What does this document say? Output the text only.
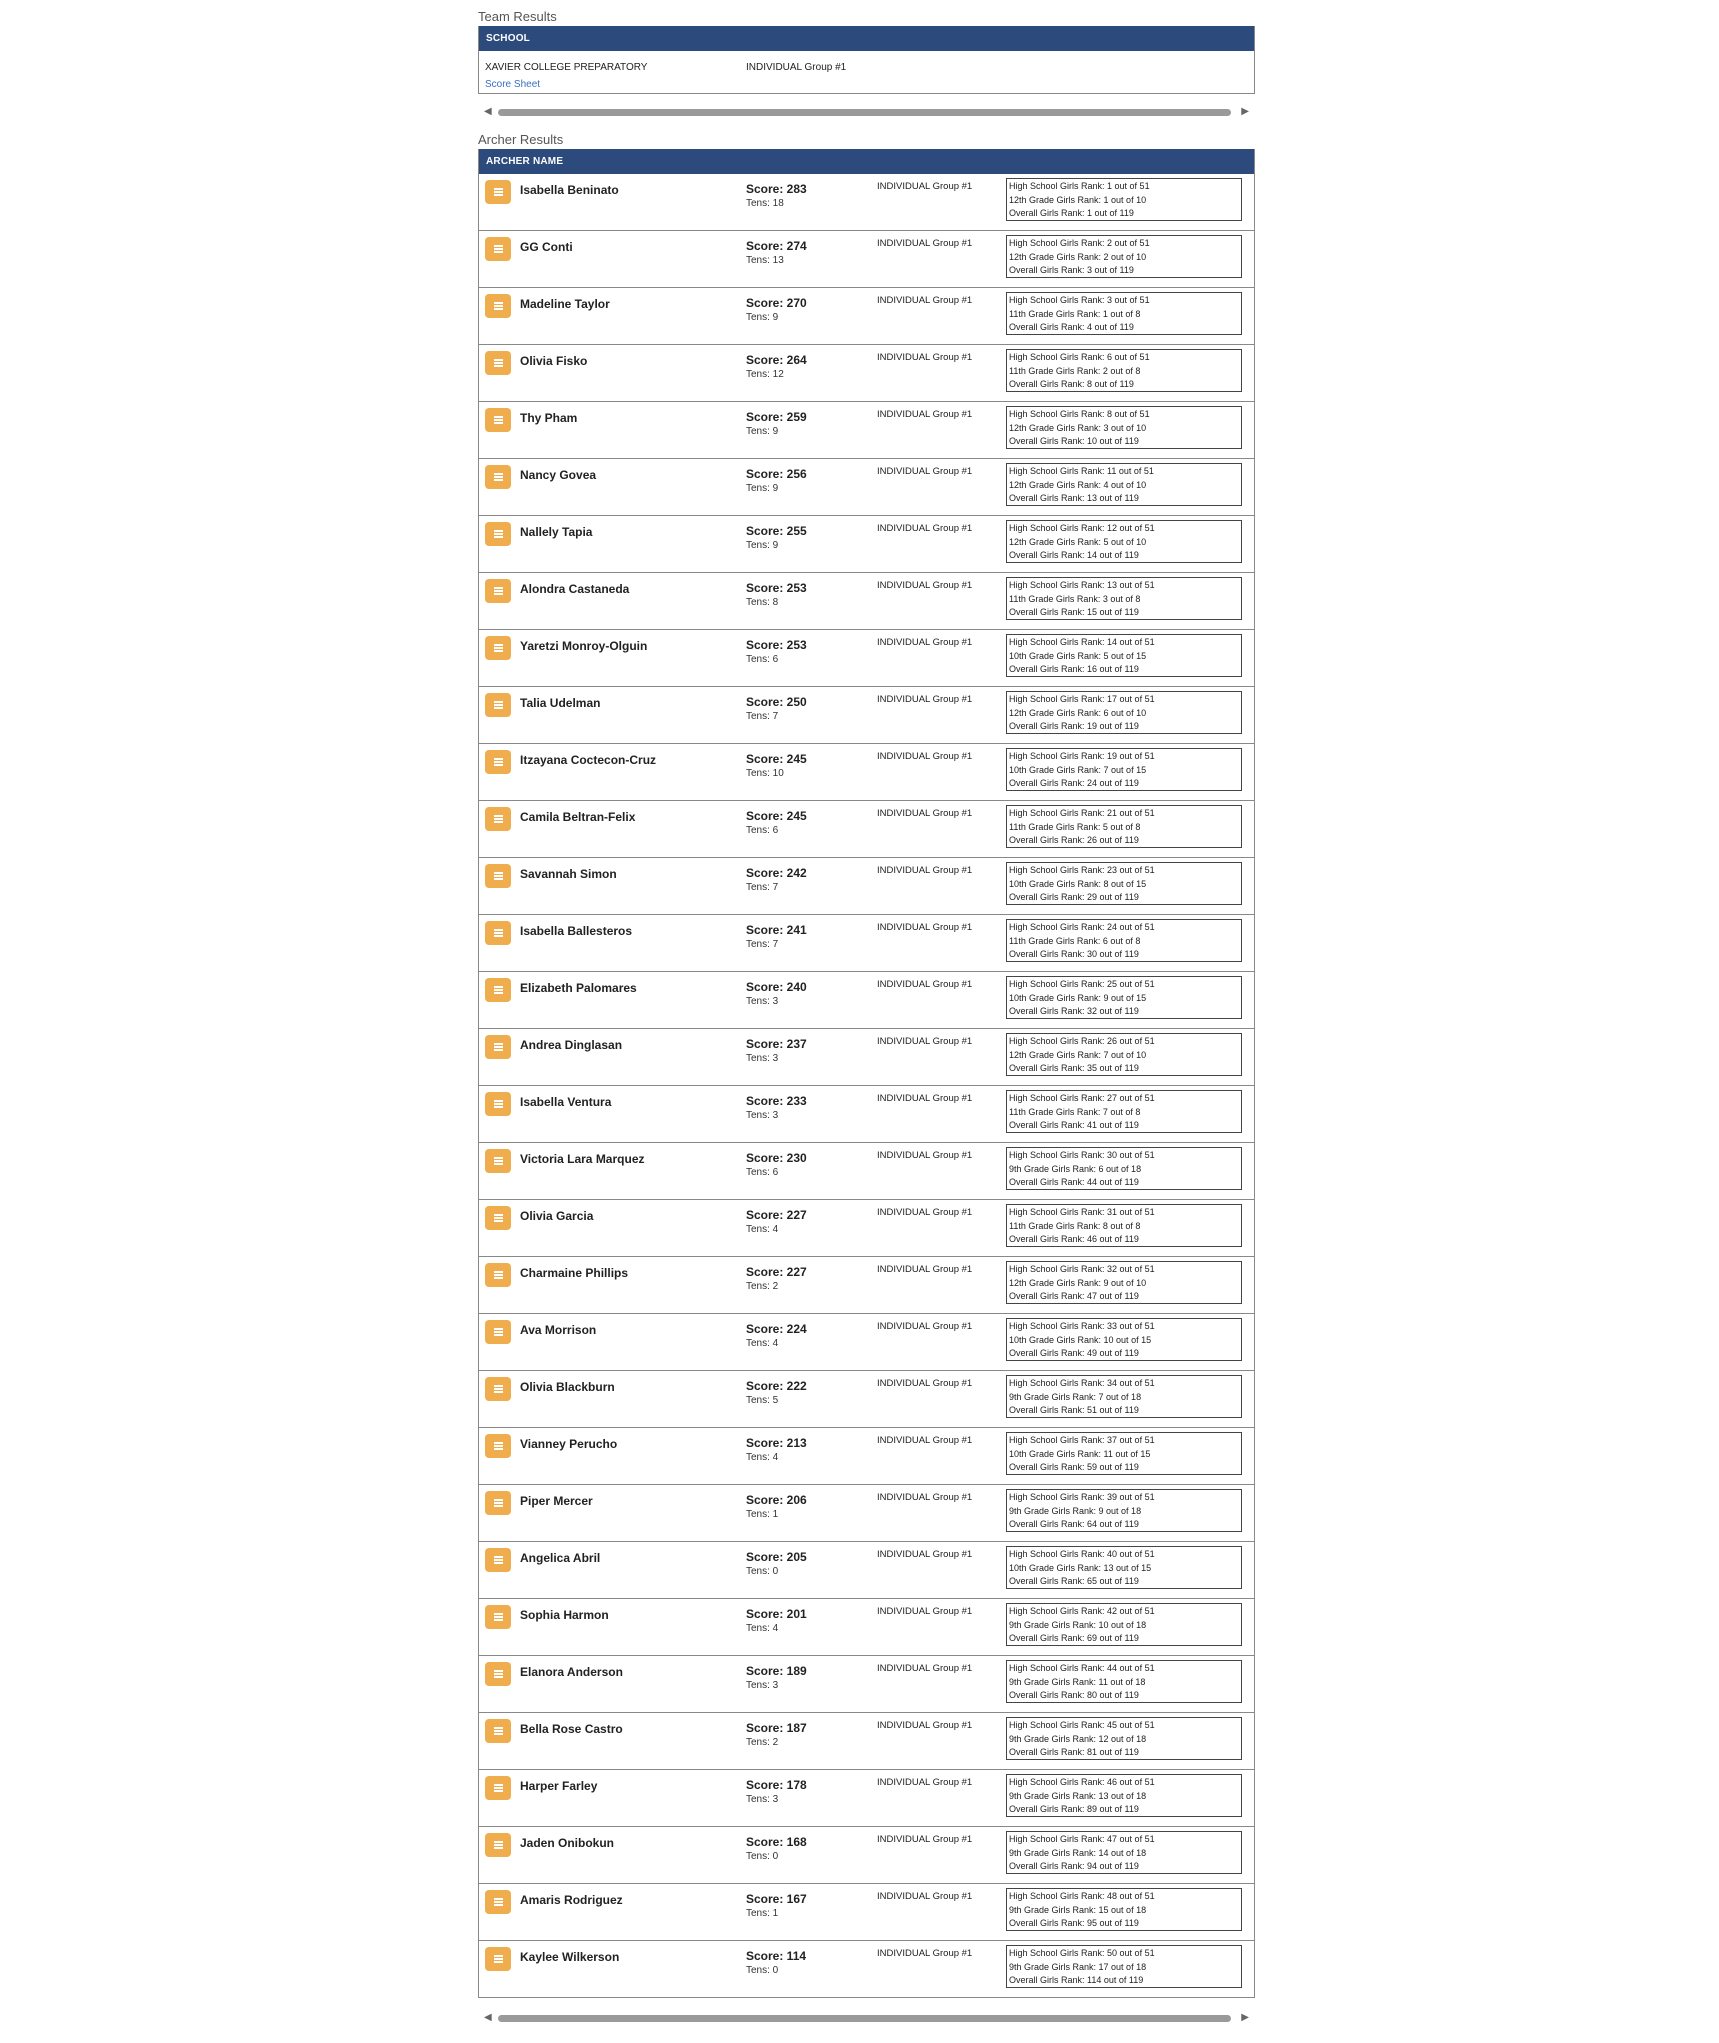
Team Results
SCHOOL
XAVIER COLLEGE PREPARATORY	INDIVIDUAL Group #1
Score Sheet
◀	▶
Archer Results
ARCHER NAME
Isabella Beninato	Score: 283
Tens: 18
INDIVIDUAL Group #1	High School Girls Rank: 1 out of 51
12th Grade Girls Rank: 1 out of 10
Overall Girls Rank: 1 out of 119
GG Conti	Score: 274
Tens: 13
INDIVIDUAL Group #1	High School Girls Rank: 2 out of 51
12th Grade Girls Rank: 2 out of 10
Overall Girls Rank: 3 out of 119
Madeline Taylor	Score: 270
Tens: 9
INDIVIDUAL Group #1	High School Girls Rank: 3 out of 51
11th Grade Girls Rank: 1 out of 8
Overall Girls Rank: 4 out of 119
Olivia Fisko	Score: 264
Tens: 12
INDIVIDUAL Group #1	High School Girls Rank: 6 out of 51
11th Grade Girls Rank: 2 out of 8
Overall Girls Rank: 8 out of 119
Thy Pham	Score: 259
Tens: 9
INDIVIDUAL Group #1	High School Girls Rank: 8 out of 51
12th Grade Girls Rank: 3 out of 10
Overall Girls Rank: 10 out of 119
Nancy Govea	Score: 256
Tens: 9
INDIVIDUAL Group #1	High School Girls Rank: 11 out of 51
12th Grade Girls Rank: 4 out of 10
Overall Girls Rank: 13 out of 119
Nallely Tapia	Score: 255
Tens: 9
INDIVIDUAL Group #1	High School Girls Rank: 12 out of 51
12th Grade Girls Rank: 5 out of 10
Overall Girls Rank: 14 out of 119
Alondra Castaneda	Score: 253
Tens: 8
INDIVIDUAL Group #1	High School Girls Rank: 13 out of 51
11th Grade Girls Rank: 3 out of 8
Overall Girls Rank: 15 out of 119
Yaretzi Monroy-Olguin	Score: 253
Tens: 6
INDIVIDUAL Group #1	High School Girls Rank: 14 out of 51
10th Grade Girls Rank: 5 out of 15
Overall Girls Rank: 16 out of 119
Talia Udelman	Score: 250
Tens: 7
INDIVIDUAL Group #1	High School Girls Rank: 17 out of 51
12th Grade Girls Rank: 6 out of 10
Overall Girls Rank: 19 out of 119
Itzayana Coctecon-Cruz	Score: 245
Tens: 10
INDIVIDUAL Group #1	High School Girls Rank: 19 out of 51
10th Grade Girls Rank: 7 out of 15
Overall Girls Rank: 24 out of 119
Camila Beltran-Felix	Score: 245
Tens: 6
INDIVIDUAL Group #1	High School Girls Rank: 21 out of 51
11th Grade Girls Rank: 5 out of 8
Overall Girls Rank: 26 out of 119
Savannah Simon	Score: 242
Tens: 7
INDIVIDUAL Group #1	High School Girls Rank: 23 out of 51
10th Grade Girls Rank: 8 out of 15
Overall Girls Rank: 29 out of 119
Isabella Ballesteros	Score: 241
Tens: 7
INDIVIDUAL Group #1	High School Girls Rank: 24 out of 51
11th Grade Girls Rank: 6 out of 8
Overall Girls Rank: 30 out of 119
Elizabeth Palomares	Score: 240
Tens: 3
INDIVIDUAL Group #1	High School Girls Rank: 25 out of 51
10th Grade Girls Rank: 9 out of 15
Overall Girls Rank: 32 out of 119
Andrea Dinglasan	Score: 237
Tens: 3
INDIVIDUAL Group #1	High School Girls Rank: 26 out of 51
12th Grade Girls Rank: 7 out of 10
Overall Girls Rank: 35 out of 119
Isabella Ventura	Score: 233
Tens: 3
INDIVIDUAL Group #1	High School Girls Rank: 27 out of 51
11th Grade Girls Rank: 7 out of 8
Overall Girls Rank: 41 out of 119
Victoria Lara Marquez	Score: 230
Tens: 6
INDIVIDUAL Group #1	High School Girls Rank: 30 out of 51
9th Grade Girls Rank: 6 out of 18
Overall Girls Rank: 44 out of 119
Olivia Garcia	Score: 227
Tens: 4
INDIVIDUAL Group #1	High School Girls Rank: 31 out of 51
11th Grade Girls Rank: 8 out of 8
Overall Girls Rank: 46 out of 119
Charmaine Phillips	Score: 227
Tens: 2
INDIVIDUAL Group #1	High School Girls Rank: 32 out of 51
12th Grade Girls Rank: 9 out of 10
Overall Girls Rank: 47 out of 119
Ava Morrison	Score: 224
Tens: 4
INDIVIDUAL Group #1	High School Girls Rank: 33 out of 51
10th Grade Girls Rank: 10 out of 15
Overall Girls Rank: 49 out of 119
Olivia Blackburn	Score: 222
Tens: 5
INDIVIDUAL Group #1	High School Girls Rank: 34 out of 51
9th Grade Girls Rank: 7 out of 18
Overall Girls Rank: 51 out of 119
Vianney Perucho	Score: 213
Tens: 4
INDIVIDUAL Group #1	High School Girls Rank: 37 out of 51
10th Grade Girls Rank: 11 out of 15
Overall Girls Rank: 59 out of 119
Piper Mercer	Score: 206
Tens: 1
INDIVIDUAL Group #1	High School Girls Rank: 39 out of 51
9th Grade Girls Rank: 9 out of 18
Overall Girls Rank: 64 out of 119
Angelica Abril	Score: 205
Tens: 0
INDIVIDUAL Group #1	High School Girls Rank: 40 out of 51
10th Grade Girls Rank: 13 out of 15
Overall Girls Rank: 65 out of 119
Sophia Harmon	Score: 201
Tens: 4
INDIVIDUAL Group #1	High School Girls Rank: 42 out of 51
9th Grade Girls Rank: 10 out of 18
Overall Girls Rank: 69 out of 119
Elanora Anderson	Score: 189
Tens: 3
INDIVIDUAL Group #1	High School Girls Rank: 44 out of 51
9th Grade Girls Rank: 11 out of 18
Overall Girls Rank: 80 out of 119
Bella Rose Castro	Score: 187
Tens: 2
INDIVIDUAL Group #1	High School Girls Rank: 45 out of 51
9th Grade Girls Rank: 12 out of 18
Overall Girls Rank: 81 out of 119
Harper Farley	Score: 178
Tens: 3
INDIVIDUAL Group #1	High School Girls Rank: 46 out of 51
9th Grade Girls Rank: 13 out of 18
Overall Girls Rank: 89 out of 119
Jaden Onibokun	Score: 168
Tens: 0
INDIVIDUAL Group #1	High School Girls Rank: 47 out of 51
9th Grade Girls Rank: 14 out of 18
Overall Girls Rank: 94 out of 119
Amaris Rodriguez	Score: 167
Tens: 1
INDIVIDUAL Group #1	High School Girls Rank: 48 out of 51
9th Grade Girls Rank: 15 out of 18
Overall Girls Rank: 95 out of 119
Kaylee Wilkerson	Score: 114
Tens: 0
INDIVIDUAL Group #1	High School Girls Rank: 50 out of 51
9th Grade Girls Rank: 17 out of 18
Overall Girls Rank: 114 out of 119
◀	▶
